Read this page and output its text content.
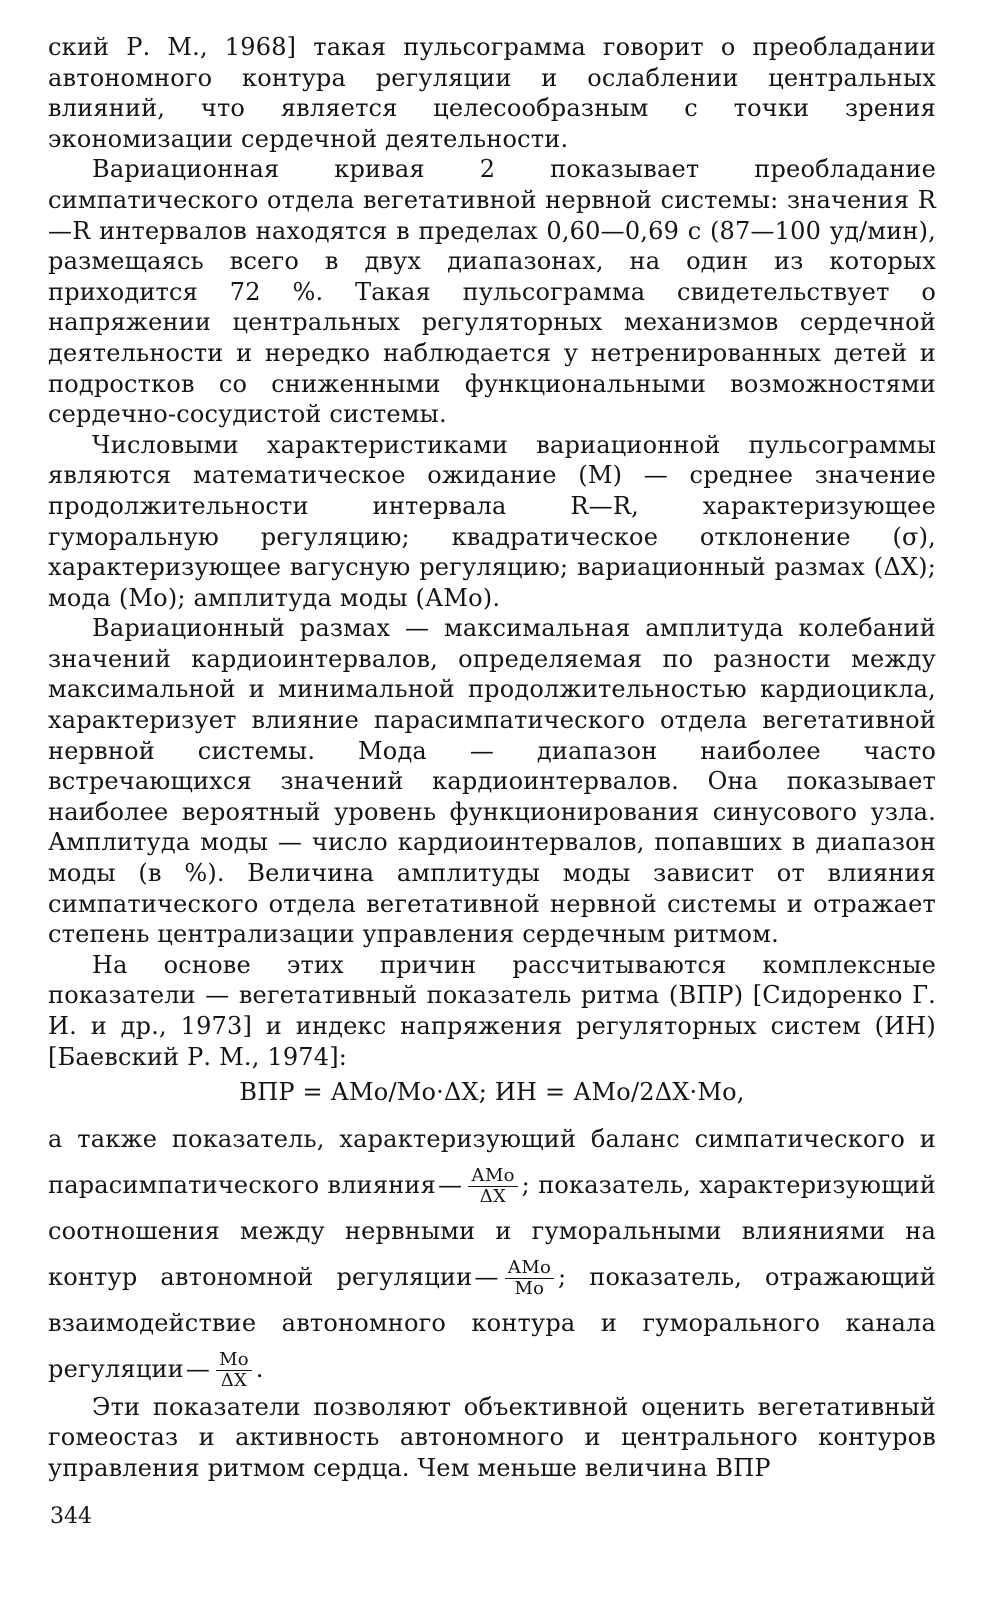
ский Р. М., 1968] такая пульсограмма говорит о преобладании автономного контура регуляции и ослаблении центральных влияний, что является целесообразным с точки зрения экономизации сердечной деятельности.

Вариационная кривая 2 показывает преобладание симпатического отдела вегетативной нервной системы: значения R—R интервалов находятся в пределах 0,60—0,69 с (87—100 уд/мин), размещаясь всего в двух диапазонах, на один из которых приходится 72 %. Такая пульсограмма свидетельствует о напряжении центральных регуляторных механизмов сердечной деятельности и нередко наблюдается у нетренированных детей и подростков со сниженными функциональными возможностями сердечно-сосудистой системы.

Числовыми характеристиками вариационной пульсограммы являются математическое ожидание (М) — среднее значение продолжительности интервала R—R, характеризующее гуморальную регуляцию; квадратическое отклонение (σ), характеризующее вагусную регуляцию; вариационный размах (ΔX); мода (Мо); амплитуда моды (АМо).

Вариационный размах — максимальная амплитуда колебаний значений кардиоинтервалов, определяемая по разности между максимальной и минимальной продолжительностью кардиоцикла, характеризует влияние парасимпатического отдела вегетативной нервной системы. Мода — диапазон наиболее часто встречающихся значений кардиоинтервалов. Она показывает наиболее вероятный уровень функционирования синусового узла. Амплитуда моды — число кардиоинтервалов, попавших в диапазон моды (в %). Величина амплитуды моды зависит от влияния симпатического отдела вегетативной нервной системы и отражает степень централизации управления сердечным ритмом.

На основе этих причин рассчитываются комплексные показатели — вегетативный показатель ритма (ВПР) [Сидоренко Г. И. и др., 1973] и индекс напряжения регуляторных систем (ИН) [Баевский Р. М., 1974]:

ВПР = АМо/Мо·ΔX; ИН = АМо/2ΔX·Мо,

а также показатель, характеризующий баланс симпатического и парасимпатического влияния— $\frac{\text{АМо}}{\Delta X}$ ; показатель, характеризующий соотношения между нервными и гуморальными влияниями на контур автономной регуляции— $\frac{\text{АМо}}{Мо}$ ; показатель, отражающий взаимодействие автономного контура и гуморального канала регуляции— $\frac{Мо}{\Delta X}$ .

Эти показатели позволяют объективной оценить вегетативный гомеостаз и активность автономного и центрального контуров управления ритмом сердца. Чем меньше величина ВПР

344
